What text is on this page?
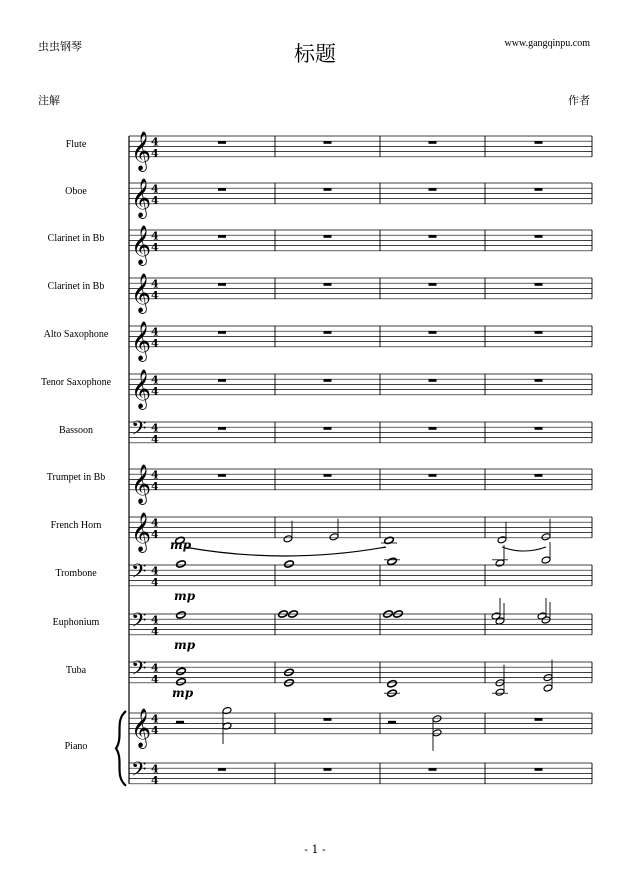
𝄞 4
4
𝄞 4
4
𝄞 4
4
𝄞 4
4
𝄞 4
4
𝄞 4
4
𝄢 4
4
𝄞 4
4
𝄞 4
4
mp
𝄢 4
4
mp
𝄢 4
4
mp
𝄢 4
4
mp
𝄞 4
4
𝄢 4
4
虫虫钢琴	标题	www.gangqinpu.com
注解	作者
- 1 -
Flute
Oboe
Clarinet in Bb
Clarinet in Bb
Alto Saxophone
Tenor Saxophone
Bassoon
Trumpet in Bb
French Horn
Trombone
Euphonium
Tuba
Piano
